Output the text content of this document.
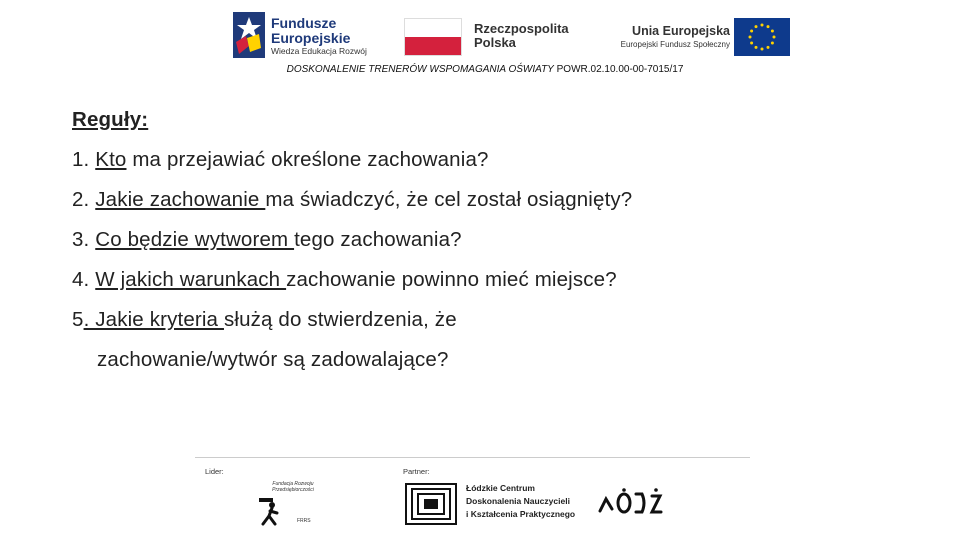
Fundusze
Europejskie
Wiedza Edukacja Rozwój
Rzeczpospolita
Polska
Unia Europejska
Europejski Fundusz Społeczny
DOSKONALENIE TRENERÓW WSPOMAGANIA OŚWIATY POWR.02.10.00-00-7015/17
Reguły:
1. Kto ma przejawiać określone zachowania?
2. Jakie zachowanie ma świadczyć, że cel został osiągnięty?
3. Co będzie wytworem tego zachowania?
4. W jakich warunkach zachowanie powinno mieć miejsce?
5. Jakie kryteria służą do stwierdzenia, że
zachowanie/wytwór są zadowalające?
Lider:	Partner:
Fundacja Rozwoju
Przedsiębiorczości
FRRS
Łódzkie Centrum
Doskonalenia Nauczycieli
i Kształcenia Praktycznego
